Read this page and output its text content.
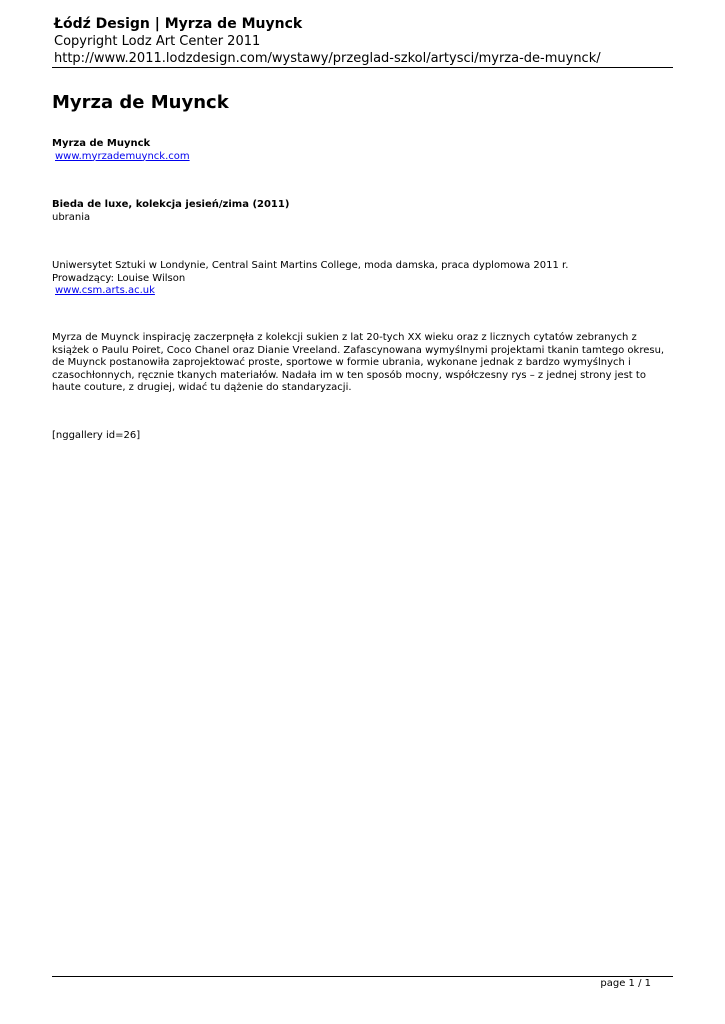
Łódź Design | Myrza de Muynck
Copyright Lodz Art Center 2011
http://www.2011.lodzdesign.com/wystawy/przeglad-szkol/artysci/myrza-de-muynck/
Myrza de Muynck
Myrza de Muynck
www.myrzademuynck.com
Bieda de luxe, kolekcja jesień/zima (2011)
ubrania
Uniwersytet Sztuki w Londynie, Central Saint Martins College, moda damska, praca dyplomowa 2011 r.
Prowadzący: Louise Wilson
www.csm.arts.ac.uk
Myrza de Muynck inspirację zaczerpnęła z kolekcji sukien z lat 20-tych XX wieku oraz z licznych cytatów zebranych z książek o Paulu Poiret, Coco Chanel oraz Dianie Vreeland. Zafascynowana wymyślnymi projektami tkanin tamtego okresu, de Muynck postanowiła zaprojektować proste, sportowe w formie ubrania, wykonane jednak z bardzo wymyślnych i czasochłonnych, ręcznie tkanych materiałów. Nadała im w ten sposób mocny, współczesny rys – z jednej strony jest to haute couture, z drugiej, widać tu dążenie do standaryzacji.
[nggallery id=26]
page 1 / 1
